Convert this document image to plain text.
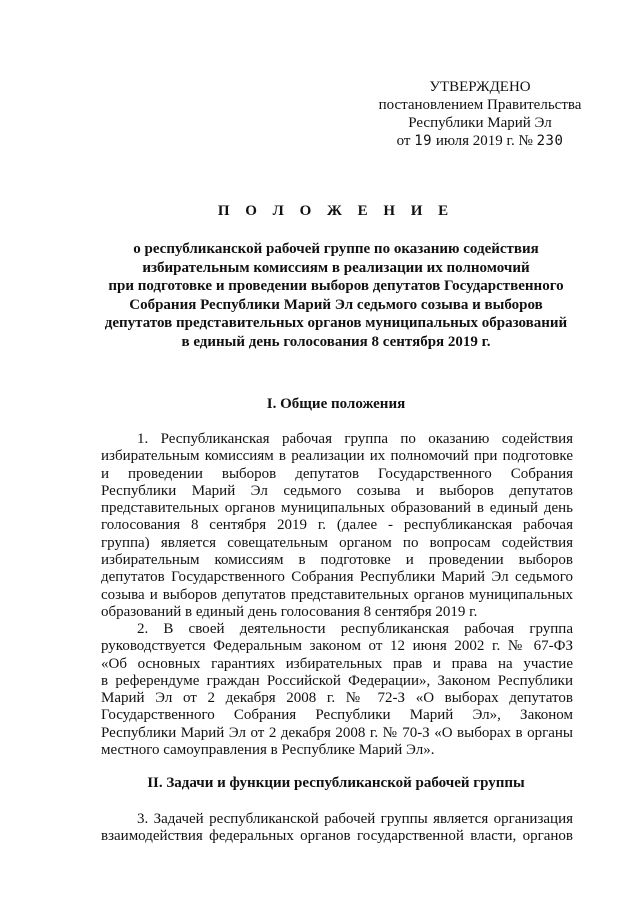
УТВЕРЖДЕНО
постановлением Правительства
Республики Марий Эл
от 19 июля 2019 г. № 230
П О Л О Ж Е Н И Е
о республиканской рабочей группе по оказанию содействия
избирательным комиссиям в реализации их полномочий
при подготовке и проведении выборов депутатов Государственного
Собрания Республики Марий Эл седьмого созыва и выборов
депутатов представительных органов муниципальных образований
в единый день голосования 8 сентября 2019 г.
I. Общие положения
1. Республиканская рабочая группа по оказанию содействия
избирательным комиссиям в реализации их полномочий при подготовке
и проведении выборов депутатов Государственного Собрания
Республики Марий Эл седьмого созыва и выборов депутатов
представительных органов муниципальных образований в единый день
голосования 8 сентября 2019 г. (далее - республиканская рабочая
группа) является совещательным органом по вопросам содействия
избирательным комиссиям в подготовке и проведении выборов
депутатов Государственного Собрания Республики Марий Эл седьмого
созыва и выборов депутатов представительных органов муниципальных
образований в единый день голосования 8 сентября 2019 г.
2. В своей деятельности республиканская рабочая группа
руководствуется Федеральным законом от 12 июня 2002 г. № 67-ФЗ
«Об основных гарантиях избирательных прав и права на участие
в референдуме граждан Российской Федерации», Законом Республики
Марий Эл от 2 декабря 2008 г. № 72-З «О выборах депутатов
Государственного Собрания Республики Марий Эл», Законом
Республики Марий Эл от 2 декабря 2008 г. № 70-З «О выборах в органы
местного самоуправления в Республике Марий Эл».
II. Задачи и функции республиканской рабочей группы
3. Задачей республиканской рабочей группы является организация
взаимодействия федеральных органов государственной власти, органов
